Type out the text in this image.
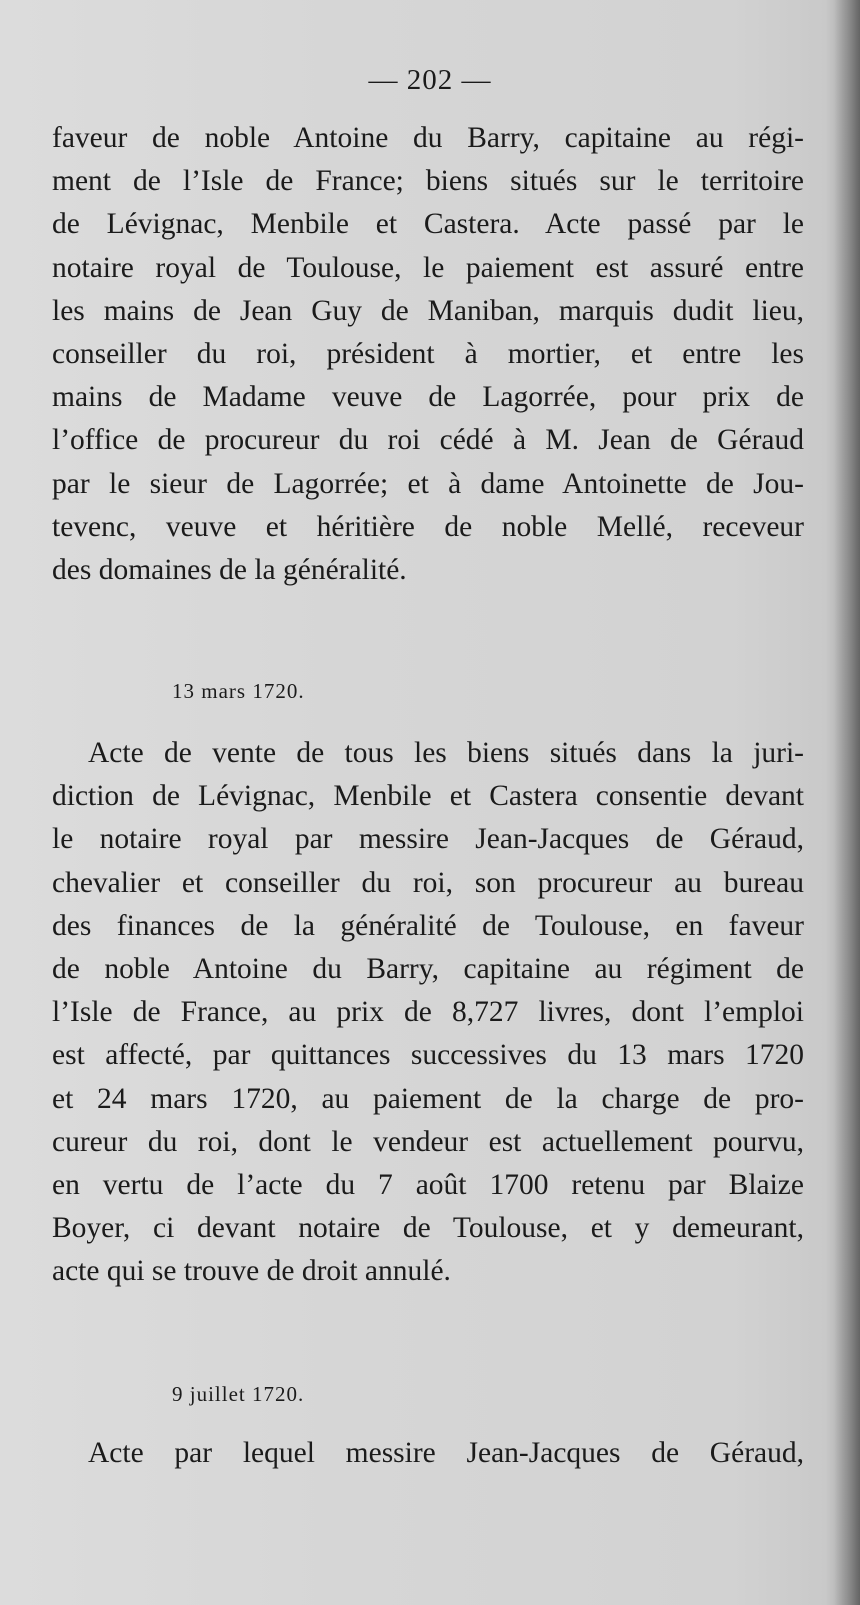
— 202 —
faveur de noble Antoine du Barry, capitaine au régi-
ment de l’Isle de France; biens situés sur le territoire
de Lévignac, Menbile et Castera. Acte passé par le
notaire royal de Toulouse, le paiement est assuré entre
les mains de Jean Guy de Maniban, marquis dudit lieu,
conseiller du roi, président à mortier, et entre les
mains de Madame veuve de Lagorrée, pour prix de
l’office de procureur du roi cédé à M. Jean de Géraud
par le sieur de Lagorrée; et à dame Antoinette de Jou-
tevenc, veuve et héritière de noble Mellé, receveur
des domaines de la généralité.
13 mars 1720.
Acte de vente de tous les biens situés dans la juri-
diction de Lévignac, Menbile et Castera consentie devant
le notaire royal par messire Jean-Jacques de Géraud,
chevalier et conseiller du roi, son procureur au bureau
des finances de la généralité de Toulouse, en faveur
de noble Antoine du Barry, capitaine au régiment de
l’Isle de France, au prix de 8,727 livres, dont l’emploi
est affecté, par quittances successives du 13 mars 1720
et 24 mars 1720, au paiement de la charge de pro-
cureur du roi, dont le vendeur est actuellement pourvu,
en vertu de l’acte du 7 août 1700 retenu par Blaize
Boyer, ci devant notaire de Toulouse, et y demeurant,
acte qui se trouve de droit annulé.
9 juillet 1720.
Acte par lequel messire Jean-Jacques de Géraud,
